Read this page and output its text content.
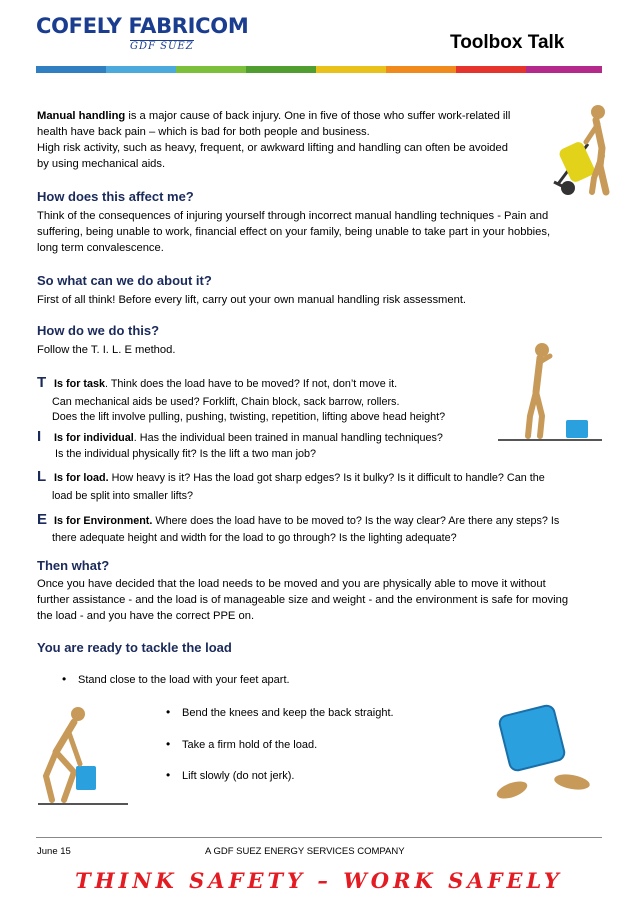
COFELY FABRICOM
GDF SUEZ	Toolbox Talk
Manual handling is a major cause of back injury. One in five of those who suffer work-related ill
health have back pain – which is bad for both people and business.
High risk activity, such as heavy, frequent, or awkward lifting and handling can often be avoided
by using mechanical aids.
How does this affect me?
Think of the consequences of injuring yourself through incorrect manual handling techniques - Pain and
suffering, being unable to work, financial effect on your family, being unable to take part in your hobbies,
long term convalescence.
So what can we do about it?
First of all think! Before every lift, carry out your own manual handling risk assessment.
How do we do this?
Follow the T. I. L. E method.
T Is for task. Think does the load have to be moved? If not, don’t move it.
Can mechanical aids be used? Forklift, Chain block, sack barrow, rollers.
Does the lift involve pulling, pushing, twisting, repetition, lifting above head height?
I Is for individual. Has the individual been trained in manual handling techniques?
Is the individual physically fit? Is the lift a two man job?
L Is for load. How heavy is it? Has the load got sharp edges? Is it bulky? Is it difficult to handle? Can the
load be split into smaller lifts?
E Is for Environment. Where does the load have to be moved to? Is the way clear? Are there any steps? Is
there adequate height and width for the load to go through? Is the lighting adequate?
Then what?
Once you have decided that the load needs to be moved and you are physically able to move it without
further assistance - and the load is of manageable size and weight - and the environment is safe for moving
the load - and you have the correct PPE on.
You are ready to tackle the load
• Stand close to the load with your feet apart.
• Bend the knees and keep the back straight.
• Take a firm hold of the load.
• Lift slowly (do not jerk).
June 15	A GDF SUEZ ENERGY SERVICES COMPANY
THINK SAFETY – WORK SAFELY
